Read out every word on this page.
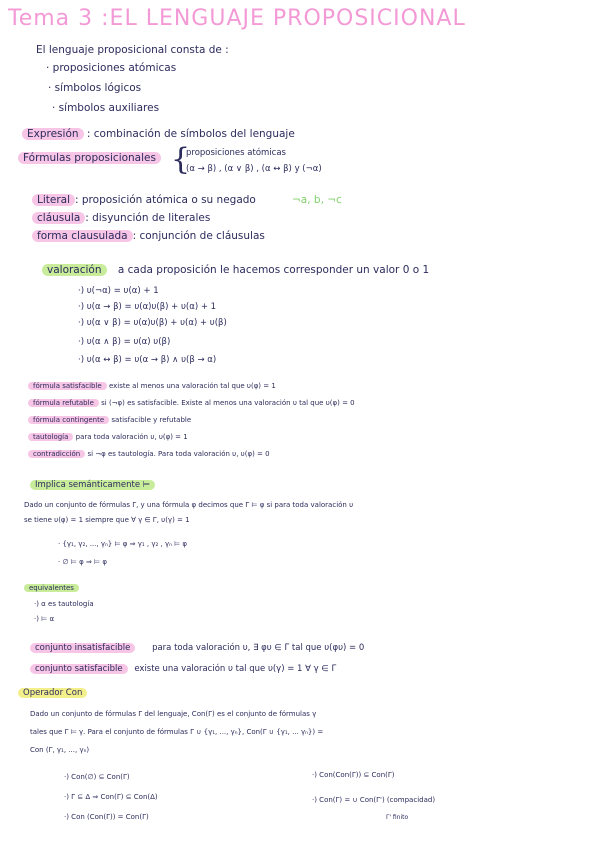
Tema 3 :EL LENGUAJE PROPOSICIONAL
El lenguaje proposicional consta de :
· proposiciones atómicas
· símbolos lógicos
· símbolos auxiliares
Expresión : combinación de símbolos del lenguaje
Fórmulas proposicionales {
proposiciones atómicas
(α → β) , (α ∨ β) , (α ↔ β) y (¬α)
Literal : proposición atómica o su negado	¬a, b, ¬c
cláusula : disyunción de literales
forma clausulada : conjunción de cláusulas
valoración a cada proposición le hacemos corresponder un valor 0 o 1
·) υ(¬α) = υ(α) + 1
·) υ(α → β) = υ(α)υ(β) + υ(α) + 1
·) υ(α ∨ β) = υ(α)υ(β) + υ(α) + υ(β)
·) υ(α ∧ β) = υ(α) υ(β)
·) υ(α ↔ β) = υ(α → β) ∧ υ(β → α)
fórmula satisfacible existe al menos una valoración tal que υ(φ) = 1
fórmula refutable si (¬φ) es satisfacible. Existe al menos una valoración υ tal que υ(φ) = 0
fórmula contingente satisfacible y refutable
tautología para toda valoración υ, υ(φ) = 1
contradicción si ¬φ es tautología. Para toda valoración υ, υ(φ) = 0
Implica semánticamente ⊨
Dado un conjunto de fórmulas Γ, y una fórmula φ decimos que Γ ⊨ φ si para toda valoración υ
se tiene υ(φ) = 1 siempre que ∀ γ ∈ Γ, υ(γ) = 1
· {γ₁, γ₂, ..., γₙ} ⊨ φ ⇒ γ₁ , γ₂ , γₙ ⊨ φ
· ∅ ⊨ φ ⇒ ⊨ φ
equivalentes
·) α es tautología
·) ⊨ α
conjunto insatisfacible	para toda valoración υ, ∃ φυ ∈ Γ tal que υ(φυ) = 0
conjunto satisfacible existe una valoración υ tal que υ(γ) = 1 ∀ γ ∈ Γ
Operador Con
Dado un conjunto de fórmulas Γ del lenguaje, Con(Γ) es el conjunto de fórmulas γ
tales que Γ ⊨ γ. Para el conjunto de fórmulas Γ ∪ {γ₁, ..., γₙ}, Con(Γ ∪ {γ₁, ... γₙ}) =
Con (Γ, γ₁, ..., γₙ)
·) Con(∅) ⊆ Con(Γ)
·) Γ ⊆ Δ ⇒ Con(Γ) ⊆ Con(Δ)
·) Con (Con(Γ)) = Con(Γ)
·) Con(Con(Γ)) ⊆ Con(Γ)
·) Con(Γ) = ∪ Con(Γ') (compacidad)
Γ' finito
